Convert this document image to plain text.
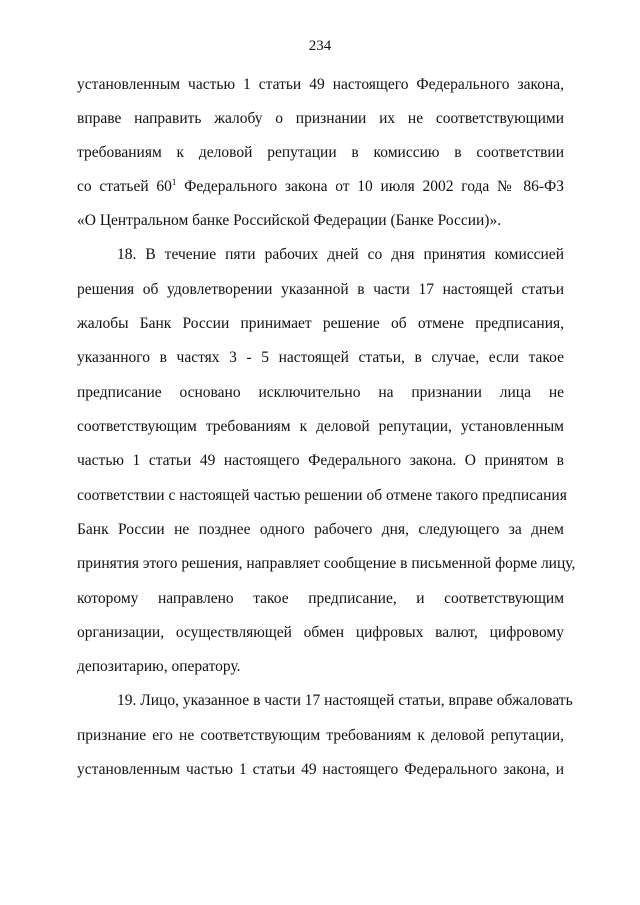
234
установленным частью 1 статьи 49 настоящего Федерального закона,
вправе направить жалобу о признании их не соответствующими
требованиям к деловой репутации в комиссию в соответствии
со статьей $60^1$ Федерального закона от 10 июля 2002 года № 86-ФЗ
«О Центральном банке Российской Федерации (Банке России)».
18. В течение пяти рабочих дней со дня принятия комиссией
решения об удовлетворении указанной в части 17 настоящей статьи
жалобы Банк России принимает решение об отмене предписания,
указанного в частях 3 - 5 настоящей статьи, в случае, если такое
предписание основано исключительно на признании лица не
соответствующим требованиям к деловой репутации, установленным
частью 1 статьи 49 настоящего Федерального закона. О принятом в
соответствии с настоящей частью решении об отмене такого предписания
Банк России не позднее одного рабочего дня, следующего за днем
принятия этого решения, направляет сообщение в письменной форме лицу,
которому направлено такое предписание, и соответствующим
организации, осуществляющей обмен цифровых валют, цифровому
депозитарию, оператору.
19. Лицо, указанное в части 17 настоящей статьи, вправе обжаловать
признание его не соответствующим требованиям к деловой репутации,
установленным частью 1 статьи 49 настоящего Федерального закона, и
